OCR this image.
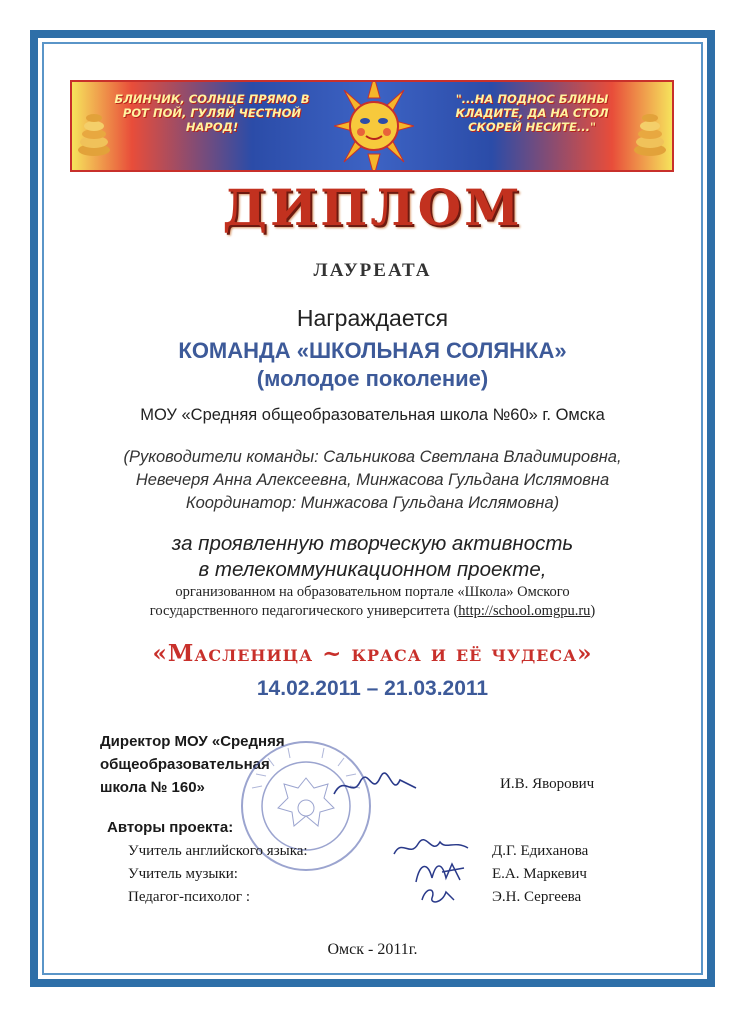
БЛИНЧИК, СОЛНЦЕ ПРЯМО В РОТ ПОЙ, ГУЛЯЙ ЧЕСТНОЙ НАРОД!
"...НА ПОДНОС БЛИНЫ КЛАДИТЕ, ДА НА СТОЛ СКОРЕЙ НЕСИТЕ..."
ДИПЛОМ
ЛАУРЕАТА
Награждается
КОМАНДА «ШКОЛЬНАЯ СОЛЯНКА»
(молодое поколение)
МОУ «Средняя общеобразовательная школа №60» г. Омска
(Руководители команды: Сальникова Светлана Владимировна,
Невечеря Анна Алексеевна, Минжасова Гульдана Ислямовна
Координатор: Минжасова Гульдана Ислямовна)
за проявленную творческую активность
в телекоммуникационном проекте,
организованном на образовательном портале «Школа» Омского
государственного педагогического университета (http://school.omgpu.ru)
«Масленица ~ краса и её чудеса»
14.02.2011 – 21.03.2011
Директор МОУ «Средняя
общеобразовательная
школа № 160»	И.В. Яворович
Авторы проекта:
Учитель английского языка:	Д.Г. Едиханова
Учитель музыки:	Е.А. Маркевич
Педагог-психолог :	Э.Н. Сергеева
Омск - 2011г.
